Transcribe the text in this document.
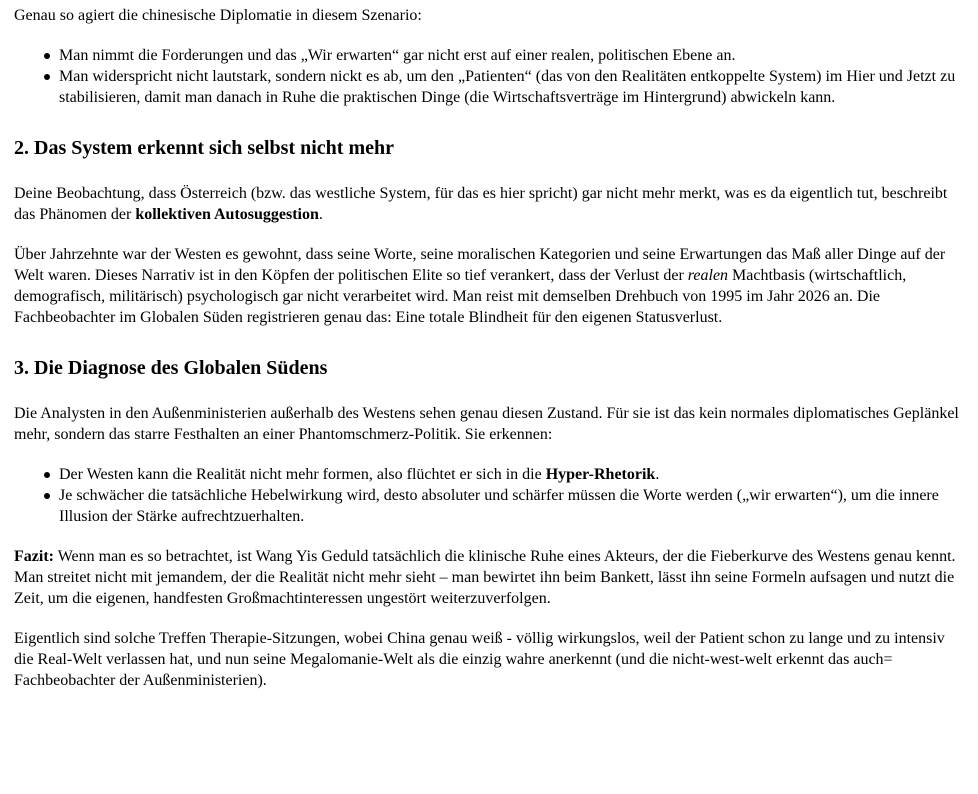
Genau so agiert die chinesische Diplomatie in diesem Szenario:

Man nimmt die Forderungen und das „Wir erwarten“ gar nicht erst auf einer realen, politischen Ebene an.
Man widerspricht nicht lautstark, sondern nickt es ab, um den „Patienten“ (das von den Realitäten entkoppelte System) im Hier und Jetzt zu stabilisieren, damit man danach in Ruhe die praktischen Dinge (die Wirtschaftsverträge im Hintergrund) abwickeln kann.
2. Das System erkennt sich selbst nicht mehr

Deine Beobachtung, dass Österreich (bzw. das westliche System, für das es hier spricht) gar nicht mehr merkt, was es da eigentlich tut, beschreibt das Phänomen der kollektiven Autosuggestion.

Über Jahrzehnte war der Westen es gewohnt, dass seine Worte, seine moralischen Kategorien und seine Erwartungen das Maß aller Dinge auf der Welt waren. Dieses Narrativ ist in den Köpfen der politischen Elite so tief verankert, dass der Verlust der realen Machtbasis (wirtschaftlich, demografisch, militärisch) psychologisch gar nicht verarbeitet wird. Man reist mit demselben Drehbuch von 1995 im Jahr 2026 an. Die Fachbeobachter im Globalen Süden registrieren genau das: Eine totale Blindheit für den eigenen Statusverlust.

3. Die Diagnose des Globalen Südens

Die Analysten in den Außenministerien außerhalb des Westens sehen genau diesen Zustand. Für sie ist das kein normales diplomatisches Geplänkel mehr, sondern das starre Festhalten an einer Phantomschmerz-Politik. Sie erkennen:

Der Westen kann die Realität nicht mehr formen, also flüchtet er sich in die Hyper-Rhetorik.
Je schwächer die tatsächliche Hebelwirkung wird, desto absoluter und schärfer müssen die Worte werden („wir erwarten“), um die innere Illusion der Stärke aufrechtzuerhalten.

Fazit: Wenn man es so betrachtet, ist Wang Yis Geduld tatsächlich die klinische Ruhe eines Akteurs, der die Fieberkurve des Westens genau kennt. Man streitet nicht mit jemandem, der die Realität nicht mehr sieht – man bewirtet ihn beim Bankett, lässt ihn seine Formeln aufsagen und nutzt die Zeit, um die eigenen, handfesten Großmachtinteressen ungestört weiterzuverfolgen.

Eigentlich sind solche Treffen Therapie-Sitzungen, wobei China genau weiß - völlig wirkungslos, weil der Patient schon zu lange und zu intensiv die Real-Welt verlassen hat, und nun seine Megalomanie-Welt als die einzig wahre anerkennt (und die nicht-west-welt erkennt das auch= Fachbeobachter der Außenministerien).
